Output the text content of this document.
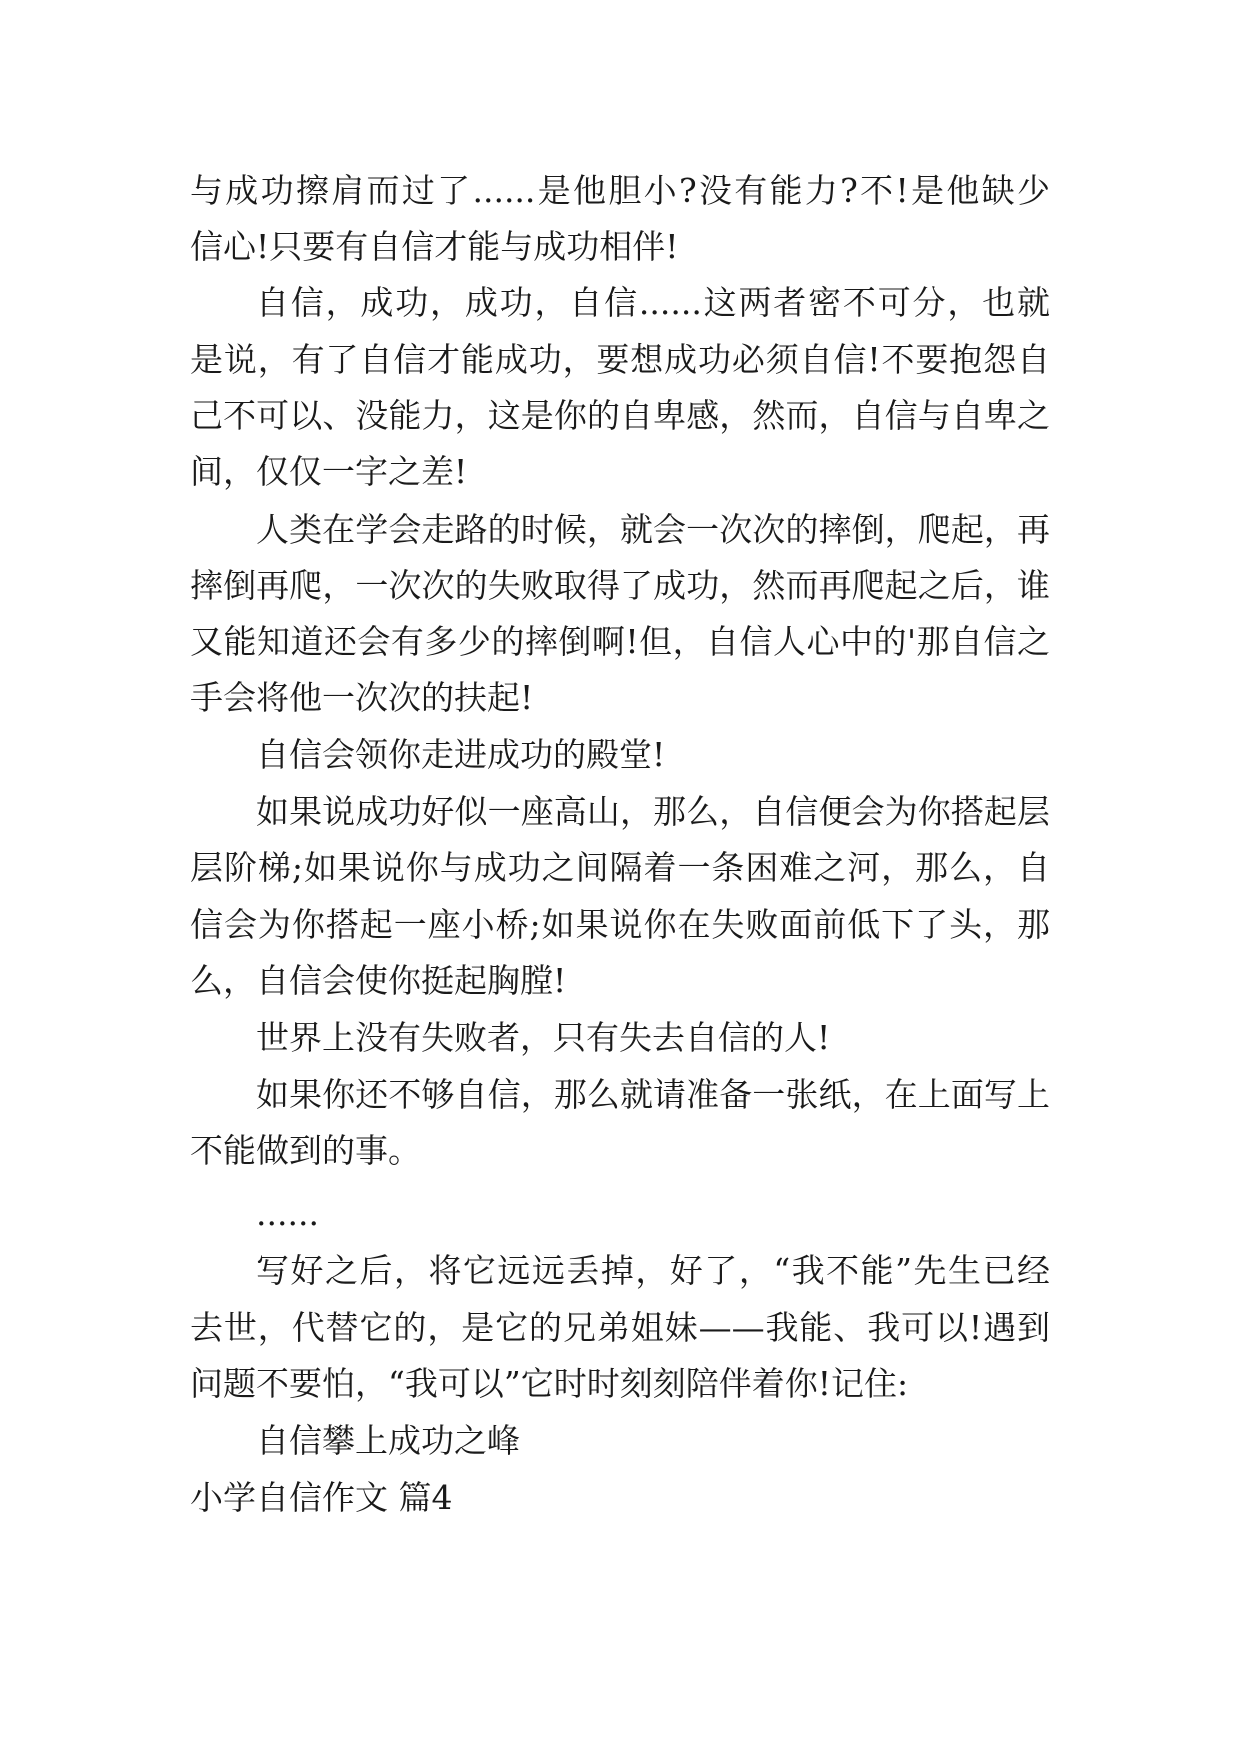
与成功擦肩而过了......是他胆小?没有能力?不!是他缺少
信心!只要有自信才能与成功相伴!
自信，成功，成功，自信......这两者密不可分，也就
是说，有了自信才能成功，要想成功必须自信!不要抱怨自
己不可以、没能力，这是你的自卑感，然而，自信与自卑之
间，仅仅一字之差!
人类在学会走路的时候，就会一次次的摔倒，爬起，再
摔倒再爬，一次次的失败取得了成功，然而再爬起之后，谁
又能知道还会有多少的摔倒啊!但，自信人心中的'那自信之
手会将他一次次的扶起!
自信会领你走进成功的殿堂!
如果说成功好似一座高山，那么，自信便会为你搭起层
层阶梯;如果说你与成功之间隔着一条困难之河，那么，自
信会为你搭起一座小桥;如果说你在失败面前低下了头，那
么，自信会使你挺起胸膛!
世界上没有失败者，只有失去自信的人!
如果你还不够自信，那么就请准备一张纸，在上面写上
不能做到的事。
......
写好之后，将它远远丢掉，好了，“我不能”先生已经
去世，代替它的，是它的兄弟姐妹——我能、我可以!遇到
问题不要怕，“我可以”它时时刻刻陪伴着你!记住:
自信攀上成功之峰
小学自信作文 篇4
